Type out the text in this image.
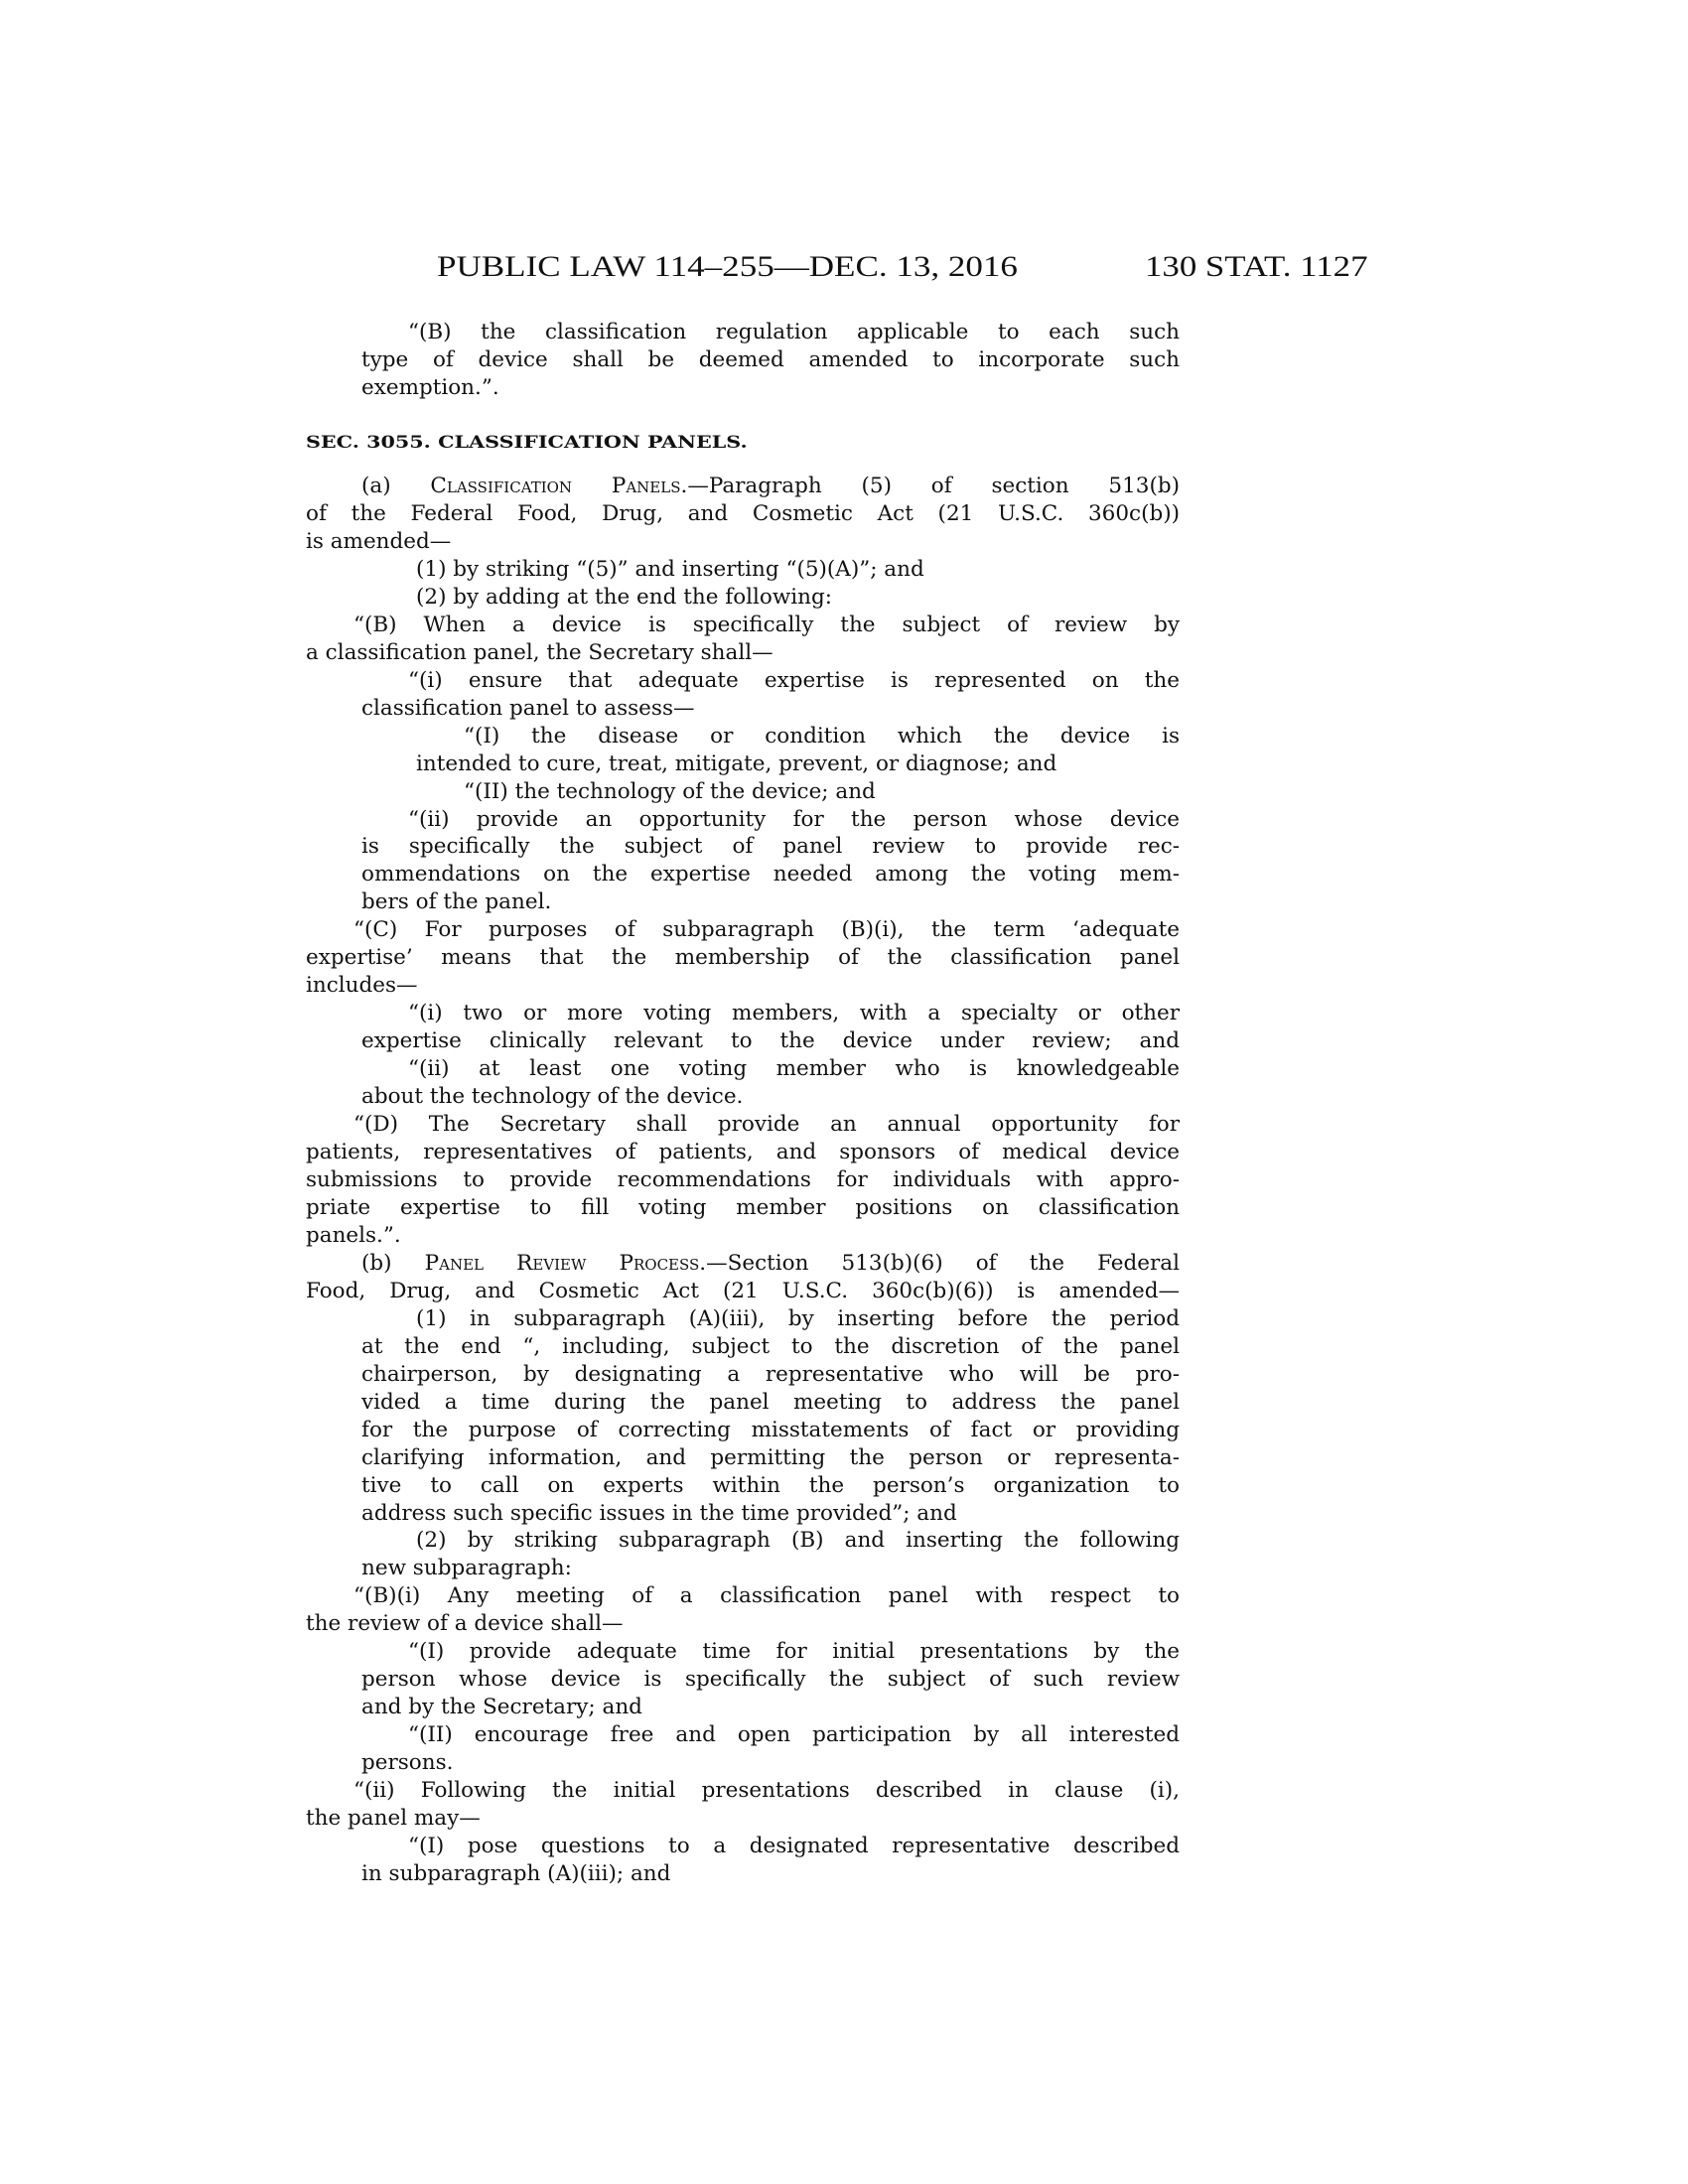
PUBLIC LAW 114–255—DEC. 13, 2016	130 STAT. 1127
SEC. 3055. CLASSIFICATION PANELS.
“(B) the classification regulation applicable to each such
type of device shall be deemed amended to incorporate such
exemption.”.
(a) Classification Panels.—Paragraph (5) of section 513(b)
of the Federal Food, Drug, and Cosmetic Act (21 U.S.C. 360c(b))
is amended—
(1) by striking “(5)” and inserting “(5)(A)”; and
(2) by adding at the end the following:
“(B) When a device is specifically the subject of review by
a classification panel, the Secretary shall—
“(i) ensure that adequate expertise is represented on the
classification panel to assess—
“(I) the disease or condition which the device is
intended to cure, treat, mitigate, prevent, or diagnose; and
“(II) the technology of the device; and
“(ii) provide an opportunity for the person whose device
is specifically the subject of panel review to provide rec-
ommendations on the expertise needed among the voting mem-
bers of the panel.
“(C) For purposes of subparagraph (B)(i), the term ‘adequate
expertise’ means that the membership of the classification panel
includes—
“(i) two or more voting members, with a specialty or other
expertise clinically relevant to the device under review; and
“(ii) at least one voting member who is knowledgeable
about the technology of the device.
“(D) The Secretary shall provide an annual opportunity for
patients, representatives of patients, and sponsors of medical device
submissions to provide recommendations for individuals with appro-
priate expertise to fill voting member positions on classification
panels.”.
(b) Panel Review Process.—Section 513(b)(6) of the Federal
Food, Drug, and Cosmetic Act (21 U.S.C. 360c(b)(6)) is amended—
(1) in subparagraph (A)(iii), by inserting before the period
at the end “, including, subject to the discretion of the panel
chairperson, by designating a representative who will be pro-
vided a time during the panel meeting to address the panel
for the purpose of correcting misstatements of fact or providing
clarifying information, and permitting the person or representa-
tive to call on experts within the person’s organization to
address such specific issues in the time provided”; and
(2) by striking subparagraph (B) and inserting the following
new subparagraph:
“(B)(i) Any meeting of a classification panel with respect to
the review of a device shall—
“(I) provide adequate time for initial presentations by the
person whose device is specifically the subject of such review
and by the Secretary; and
“(II) encourage free and open participation by all interested
persons.
“(ii) Following the initial presentations described in clause (i),
the panel may—
“(I) pose questions to a designated representative described
in subparagraph (A)(iii); and
